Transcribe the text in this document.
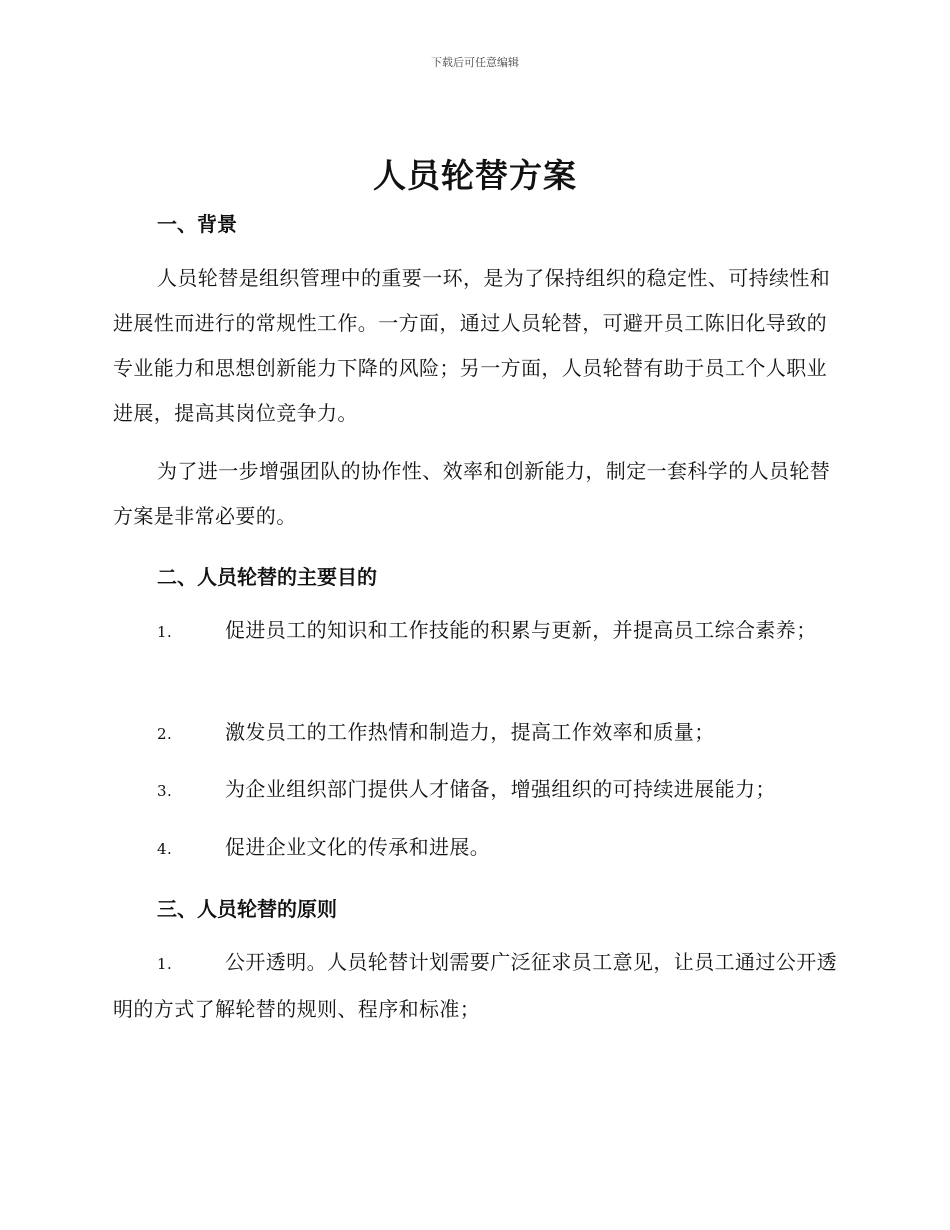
下载后可任意编辑
人员轮替方案
一、背景
人员轮替是组织管理中的重要一环，是为了保持组织的稳定性、可持续性和进展性而进行的常规性工作。一方面，通过人员轮替，可避开员工陈旧化导致的专业能力和思想创新能力下降的风险；另一方面，人员轮替有助于员工个人职业进展，提高其岗位竞争力。
为了进一步增强团队的协作性、效率和创新能力，制定一套科学的人员轮替方案是非常必要的。
二、人员轮替的主要目的
1.	促进员工的知识和工作技能的积累与更新，并提高员工综合素养；
2.	激发员工的工作热情和制造力，提高工作效率和质量；
3.	为企业组织部门提供人才储备，增强组织的可持续进展能力；
4.	促进企业文化的传承和进展。
三、人员轮替的原则
1.	公开透明。人员轮替计划需要广泛征求员工意见，让员工通过公开透明的方式了解轮替的规则、程序和标准；
